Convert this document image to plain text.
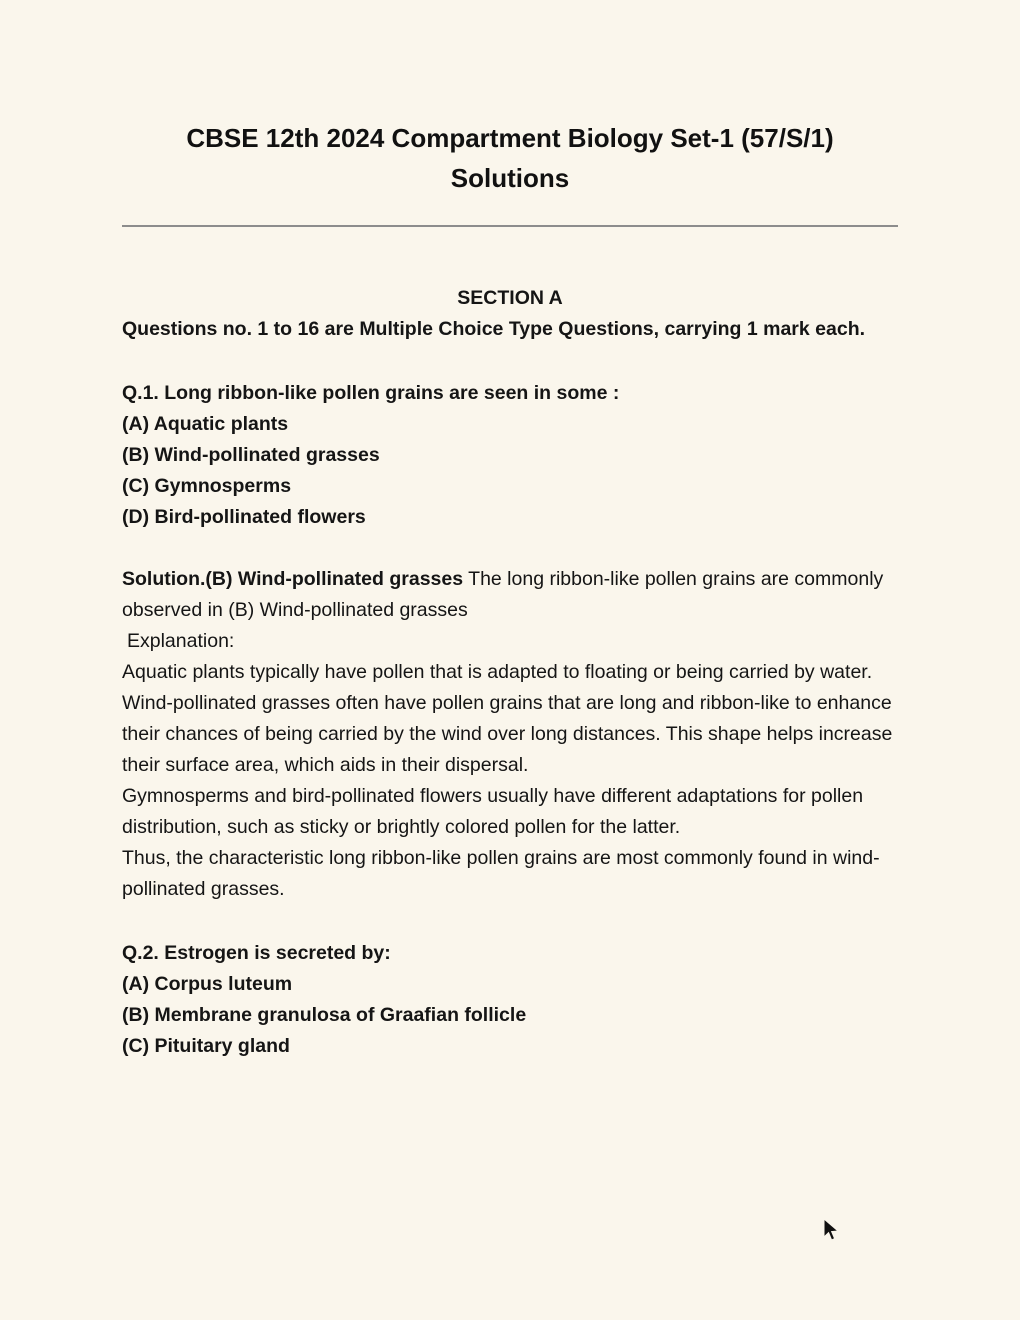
CBSE 12th 2024 Compartment Biology Set-1 (57/S/1)
Solutions
SECTION A

Questions no. 1 to 16 are Multiple Choice Type Questions, carrying 1 mark each.

Q.1. Long ribbon-like pollen grains are seen in some :

(A) Aquatic plants

(B) Wind-pollinated grasses

(C) Gymnosperms

(D) Bird-pollinated flowers

Solution.(B) Wind-pollinated grasses The long ribbon-like pollen grains are commonly observed in (B) Wind-pollinated grasses

Explanation:

Aquatic plants typically have pollen that is adapted to floating or being carried by water.

Wind-pollinated grasses often have pollen grains that are long and ribbon-like to enhance their chances of being carried by the wind over long distances. This shape helps increase their surface area, which aids in their dispersal.

Gymnosperms and bird-pollinated flowers usually have different adaptations for pollen distribution, such as sticky or brightly colored pollen for the latter.

Thus, the characteristic long ribbon-like pollen grains are most commonly found in wind-pollinated grasses.

Q.2. Estrogen is secreted by:

(A) Corpus luteum

(B) Membrane granulosa of Graafian follicle

(C) Pituitary gland
